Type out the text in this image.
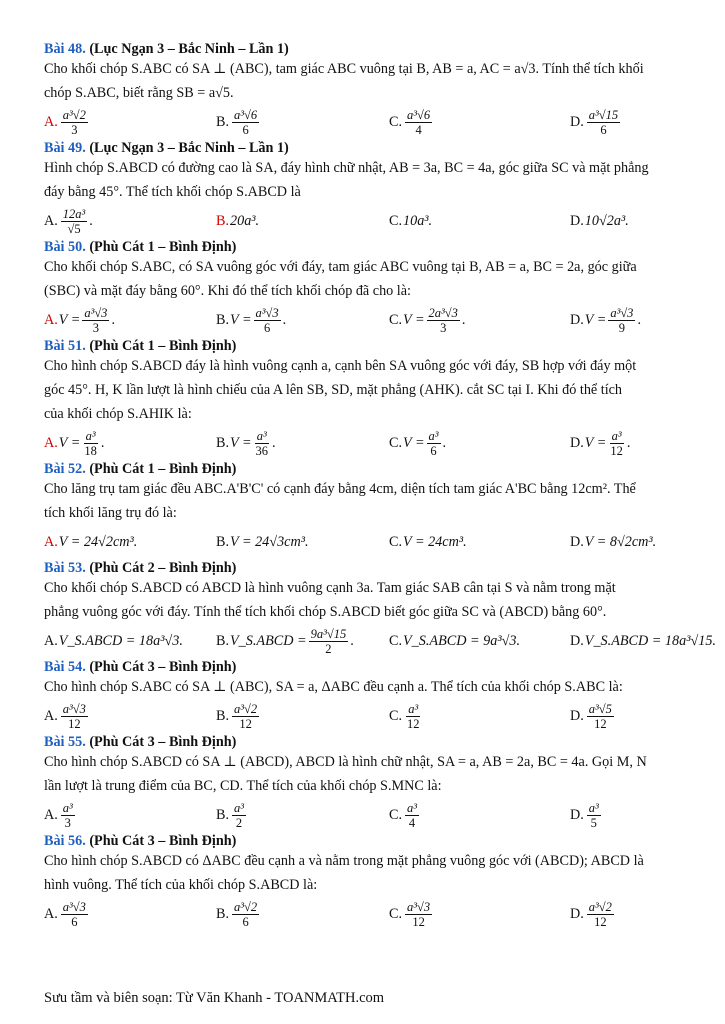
Bài 48. (Lục Ngạn 3 – Bắc Ninh – Lần 1)
Cho khối chóp S.ABC có SA ⊥ (ABC), tam giác ABC vuông tại B, AB = a, AC = a√3. Tính thể tích khối
chóp S.ABC, biết rằng SB = a√5.
A. $\frac{\text{a³√2}}{3}$	B. $\frac{\text{a³√6}}{6}$	C. $\frac{\text{a³√6}}{4}$	D. $\frac{\text{a³√15}}{6}$
Bài 49. (Lục Ngạn 3 – Bắc Ninh – Lần 1)
Hình chóp S.ABCD có đường cao là SA, đáy hình chữ nhật, AB = 3a, BC = 4a, góc giữa SC và mặt phẳng
đáy bằng 45°. Thể tích khối chóp S.ABCD là
A. $\frac{\text{12a³}}{√5}$ .	B. 20a³.	C. 10a³.	D. 10√2a³.
Bài 50. (Phù Cát 1 – Bình Định)
Cho khối chóp S.ABC, có SA vuông góc với đáy, tam giác ABC vuông tại B, AB = a, BC = 2a, góc giữa
(SBC) và mặt đáy bằng 60°. Khi đó thể tích khối chóp đã cho là:
A. $V = \frac{\text{a³√3}}{3}$ .	B. $V = \frac{\text{a³√3}}{6}$ .	C. $V = \frac{\text{2a³√3}}{3}$ .	D. $V = \frac{\text{a³√3}}{9}$ .
Bài 51. (Phù Cát 1 – Bình Định)
Cho hình chóp S.ABCD đáy là hình vuông cạnh a, cạnh bên SA vuông góc với đáy, SB hợp với đáy một
góc 45°. H, K lần lượt là hình chiếu của A lên SB, SD, mặt phẳng (AHK). cắt SC tại I. Khi đó thể tích
của khối chóp S.AHIK là:
A. $V = \frac{\text{a³}}{18}$ .	B. $V = \frac{\text{a³}}{36}$ .	C. $V = \frac{\text{a³}}{6}$ .	D. $V = \frac{\text{a³}}{12}$ .
Bài 52. (Phù Cát 1 – Bình Định)
Cho lăng trụ tam giác đều ABC.A'B'C' có cạnh đáy bằng 4cm, diện tích tam giác A'BC bằng 12cm². Thể
tích khối lăng trụ đó là:
A. V = 24√2cm³.	B. V = 24√3cm³.	C. V = 24cm³.	D. V = 8√2cm³.
Bài 53. (Phù Cát 2 – Bình Định)
Cho khối chóp S.ABCD có ABCD là hình vuông cạnh 3a. Tam giác SAB cân tại S và nằm trong mặt
phẳng vuông góc với đáy. Tính thể tích khối chóp S.ABCD biết góc giữa SC và (ABCD) bằng 60°.
A. V_S.ABCD = 18a³√3. B. V_S.ABCD = $\frac{\text{9a³√15}}{2}$ . C. V_S.ABCD = 9a³√3.	D. V_S.ABCD = 18a³√15.
Bài 54. (Phù Cát 3 – Bình Định)
Cho hình chóp S.ABC có SA ⊥ (ABC), SA = a, ΔABC đều cạnh a. Thể tích của khối chóp S.ABC là:
A. $\frac{\text{a³√3}}{12}$	B. $\frac{\text{a³√2}}{12}$	C. $\frac{\text{a³}}{12}$	D. $\frac{\text{a³√5}}{12}$
Bài 55. (Phù Cát 3 – Bình Định)
Cho hình chóp S.ABCD có SA ⊥ (ABCD), ABCD là hình chữ nhật, SA = a, AB = 2a, BC = 4a. Gọi M, N
lần lượt là trung điểm của BC, CD. Thể tích của khối chóp S.MNC là:
A. $\frac{\text{a³}}{3}$	B. $\frac{\text{a³}}{2}$	C. $\frac{\text{a³}}{4}$	D. $\frac{\text{a³}}{5}$
Bài 56. (Phù Cát 3 – Bình Định)
Cho hình chóp S.ABCD có ΔABC đều cạnh a và nằm trong mặt phẳng vuông góc với (ABCD); ABCD là
hình vuông. Thể tích của khối chóp S.ABCD là:
A. $\frac{\text{a³√3}}{6}$	B. $\frac{\text{a³√2}}{6}$	C. $\frac{\text{a³√3}}{12}$	D. $\frac{\text{a³√2}}{12}$
Sưu tầm và biên soạn: Từ Văn Khanh - TOANMATH.com
